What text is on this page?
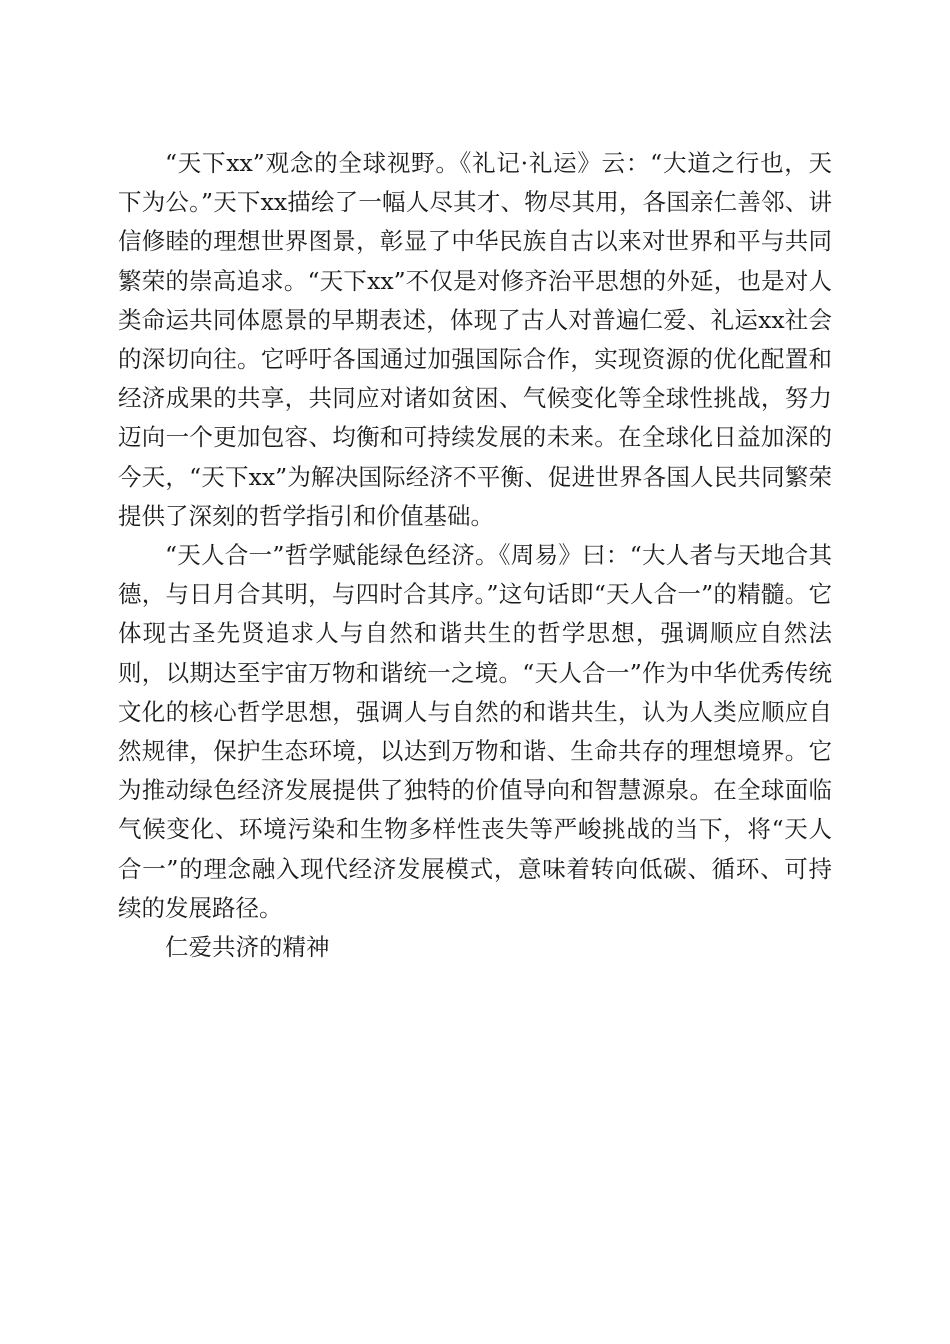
“天下xx”观念的全球视野。《礼记·礼运》云：“大道之行也，天下为公。”天下xx描绘了一幅人尽其才、物尽其用，各国亲仁善邻、讲信修睦的理想世界图景，彰显了中华民族自古以来对世界和平与共同繁荣的崇高追求。“天下xx”不仅是对修齐治平思想的外延，也是对人类命运共同体愿景的早期表述，体现了古人对普遍仁爱、礼运xx社会的深切向往。它呼吁各国通过加强国际合作，实现资源的优化配置和经济成果的共享，共同应对诸如贫困、气候变化等全球性挑战，努力迈向一个更加包容、均衡和可持续发展的未来。在全球化日益加深的今天，“天下xx”为解决国际经济不平衡、促进世界各国人民共同繁荣提供了深刻的哲学指引和价值基础。

“天人合一”哲学赋能绿色经济。《周易》曰：“大人者与天地合其德，与日月合其明，与四时合其序。”这句话即“天人合一”的精髓。它体现古圣先贤追求人与自然和谐共生的哲学思想，强调顺应自然法则，以期达至宇宙万物和谐统一之境。“天人合一”作为中华优秀传统文化的核心哲学思想，强调人与自然的和谐共生，认为人类应顺应自然规律，保护生态环境，以达到万物和谐、生命共存的理想境界。它为推动绿色经济发展提供了独特的价值导向和智慧源泉。在全球面临气候变化、环境污染和生物多样性丧失等严峻挑战的当下，将“天人合一”的理念融入现代经济发展模式，意味着转向低碳、循环、可持续的发展路径。

仁爱共济的精神
